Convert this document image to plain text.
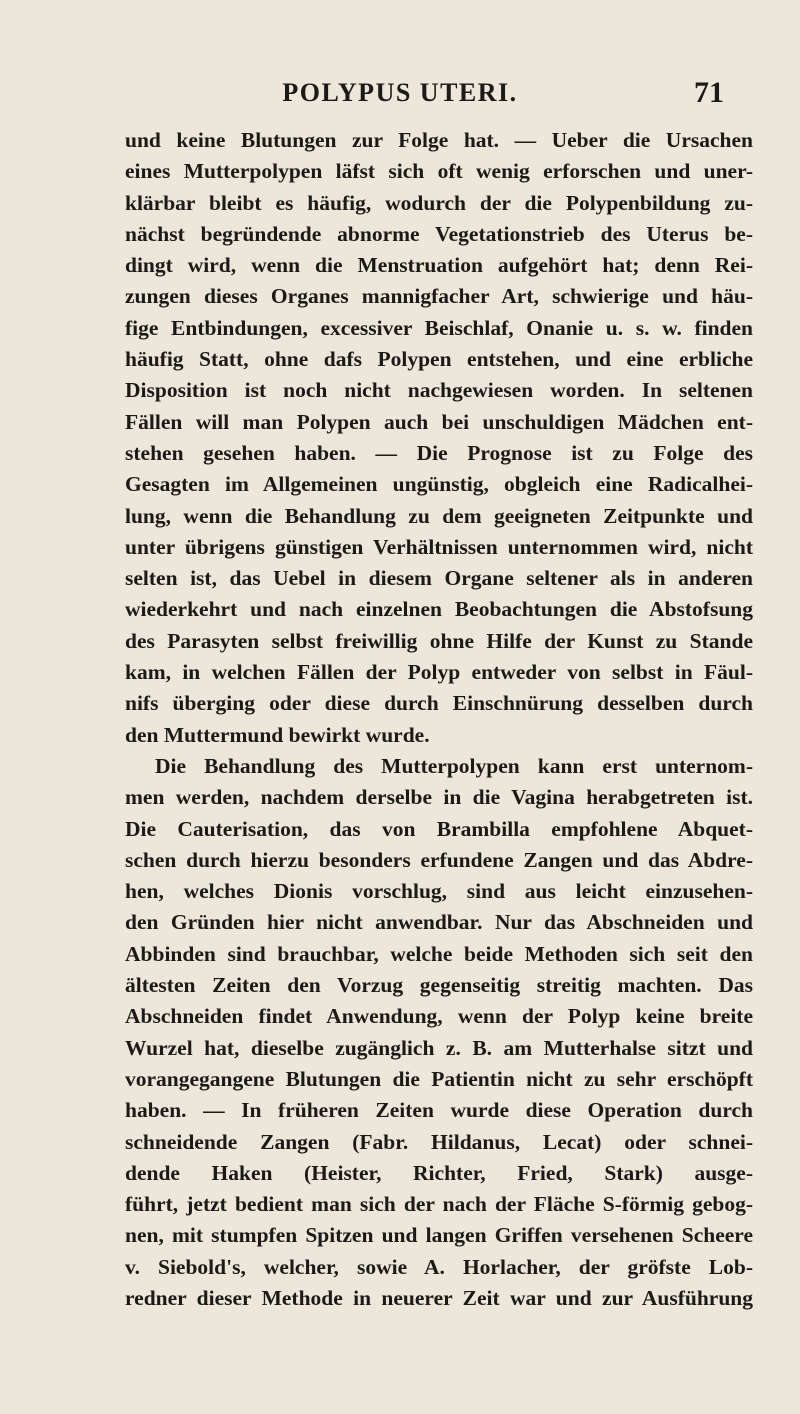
POLYPUS UTERI.	71
und keine Blutungen zur Folge hat. — Ueber die Ursachen
eines Mutterpolypen läfst sich oft wenig erforschen und uner-
klärbar bleibt es häufig, wodurch der die Polypenbildung zu-
nächst begründende abnorme Vegetationstrieb des Uterus be-
dingt wird, wenn die Menstruation aufgehört hat; denn Rei-
zungen dieses Organes mannigfacher Art, schwierige und häu-
fige Entbindungen, excessiver Beischlaf, Onanie u. s. w. finden
häufig Statt, ohne dafs Polypen entstehen, und eine erbliche
Disposition ist noch nicht nachgewiesen worden. In seltenen
Fällen will man Polypen auch bei unschuldigen Mädchen ent-
stehen gesehen haben. — Die Prognose ist zu Folge des
Gesagten im Allgemeinen ungünstig, obgleich eine Radicalhei-
lung, wenn die Behandlung zu dem geeigneten Zeitpunkte und
unter übrigens günstigen Verhältnissen unternommen wird, nicht
selten ist, das Uebel in diesem Organe seltener als in anderen
wiederkehrt und nach einzelnen Beobachtungen die Abstofsung
des Parasyten selbst freiwillig ohne Hilfe der Kunst zu Stande
kam, in welchen Fällen der Polyp entweder von selbst in Fäul-
nifs überging oder diese durch Einschnürung desselben durch
den Muttermund bewirkt wurde.
Die Behandlung des Mutterpolypen kann erst unternom-
men werden, nachdem derselbe in die Vagina herabgetreten ist.
Die Cauterisation, das von Brambilla empfohlene Abquet-
schen durch hierzu besonders erfundene Zangen und das Abdre-
hen, welches Dionis vorschlug, sind aus leicht einzusehen-
den Gründen hier nicht anwendbar. Nur das Abschneiden und
Abbinden sind brauchbar, welche beide Methoden sich seit den
ältesten Zeiten den Vorzug gegenseitig streitig machten. Das
Abschneiden findet Anwendung, wenn der Polyp keine breite
Wurzel hat, dieselbe zugänglich z. B. am Mutterhalse sitzt und
vorangegangene Blutungen die Patientin nicht zu sehr erschöpft
haben. — In früheren Zeiten wurde diese Operation durch
schneidende Zangen (Fabr. Hildanus, Lecat) oder schnei-
dende Haken (Heister, Richter, Fried, Stark) ausge-
führt, jetzt bedient man sich der nach der Fläche S-förmig gebog-
nen, mit stumpfen Spitzen und langen Griffen versehenen Scheere
v. Siebold's, welcher, sowie A. Horlacher, der gröfste Lob-
redner dieser Methode in neuerer Zeit war und zur Ausführung
